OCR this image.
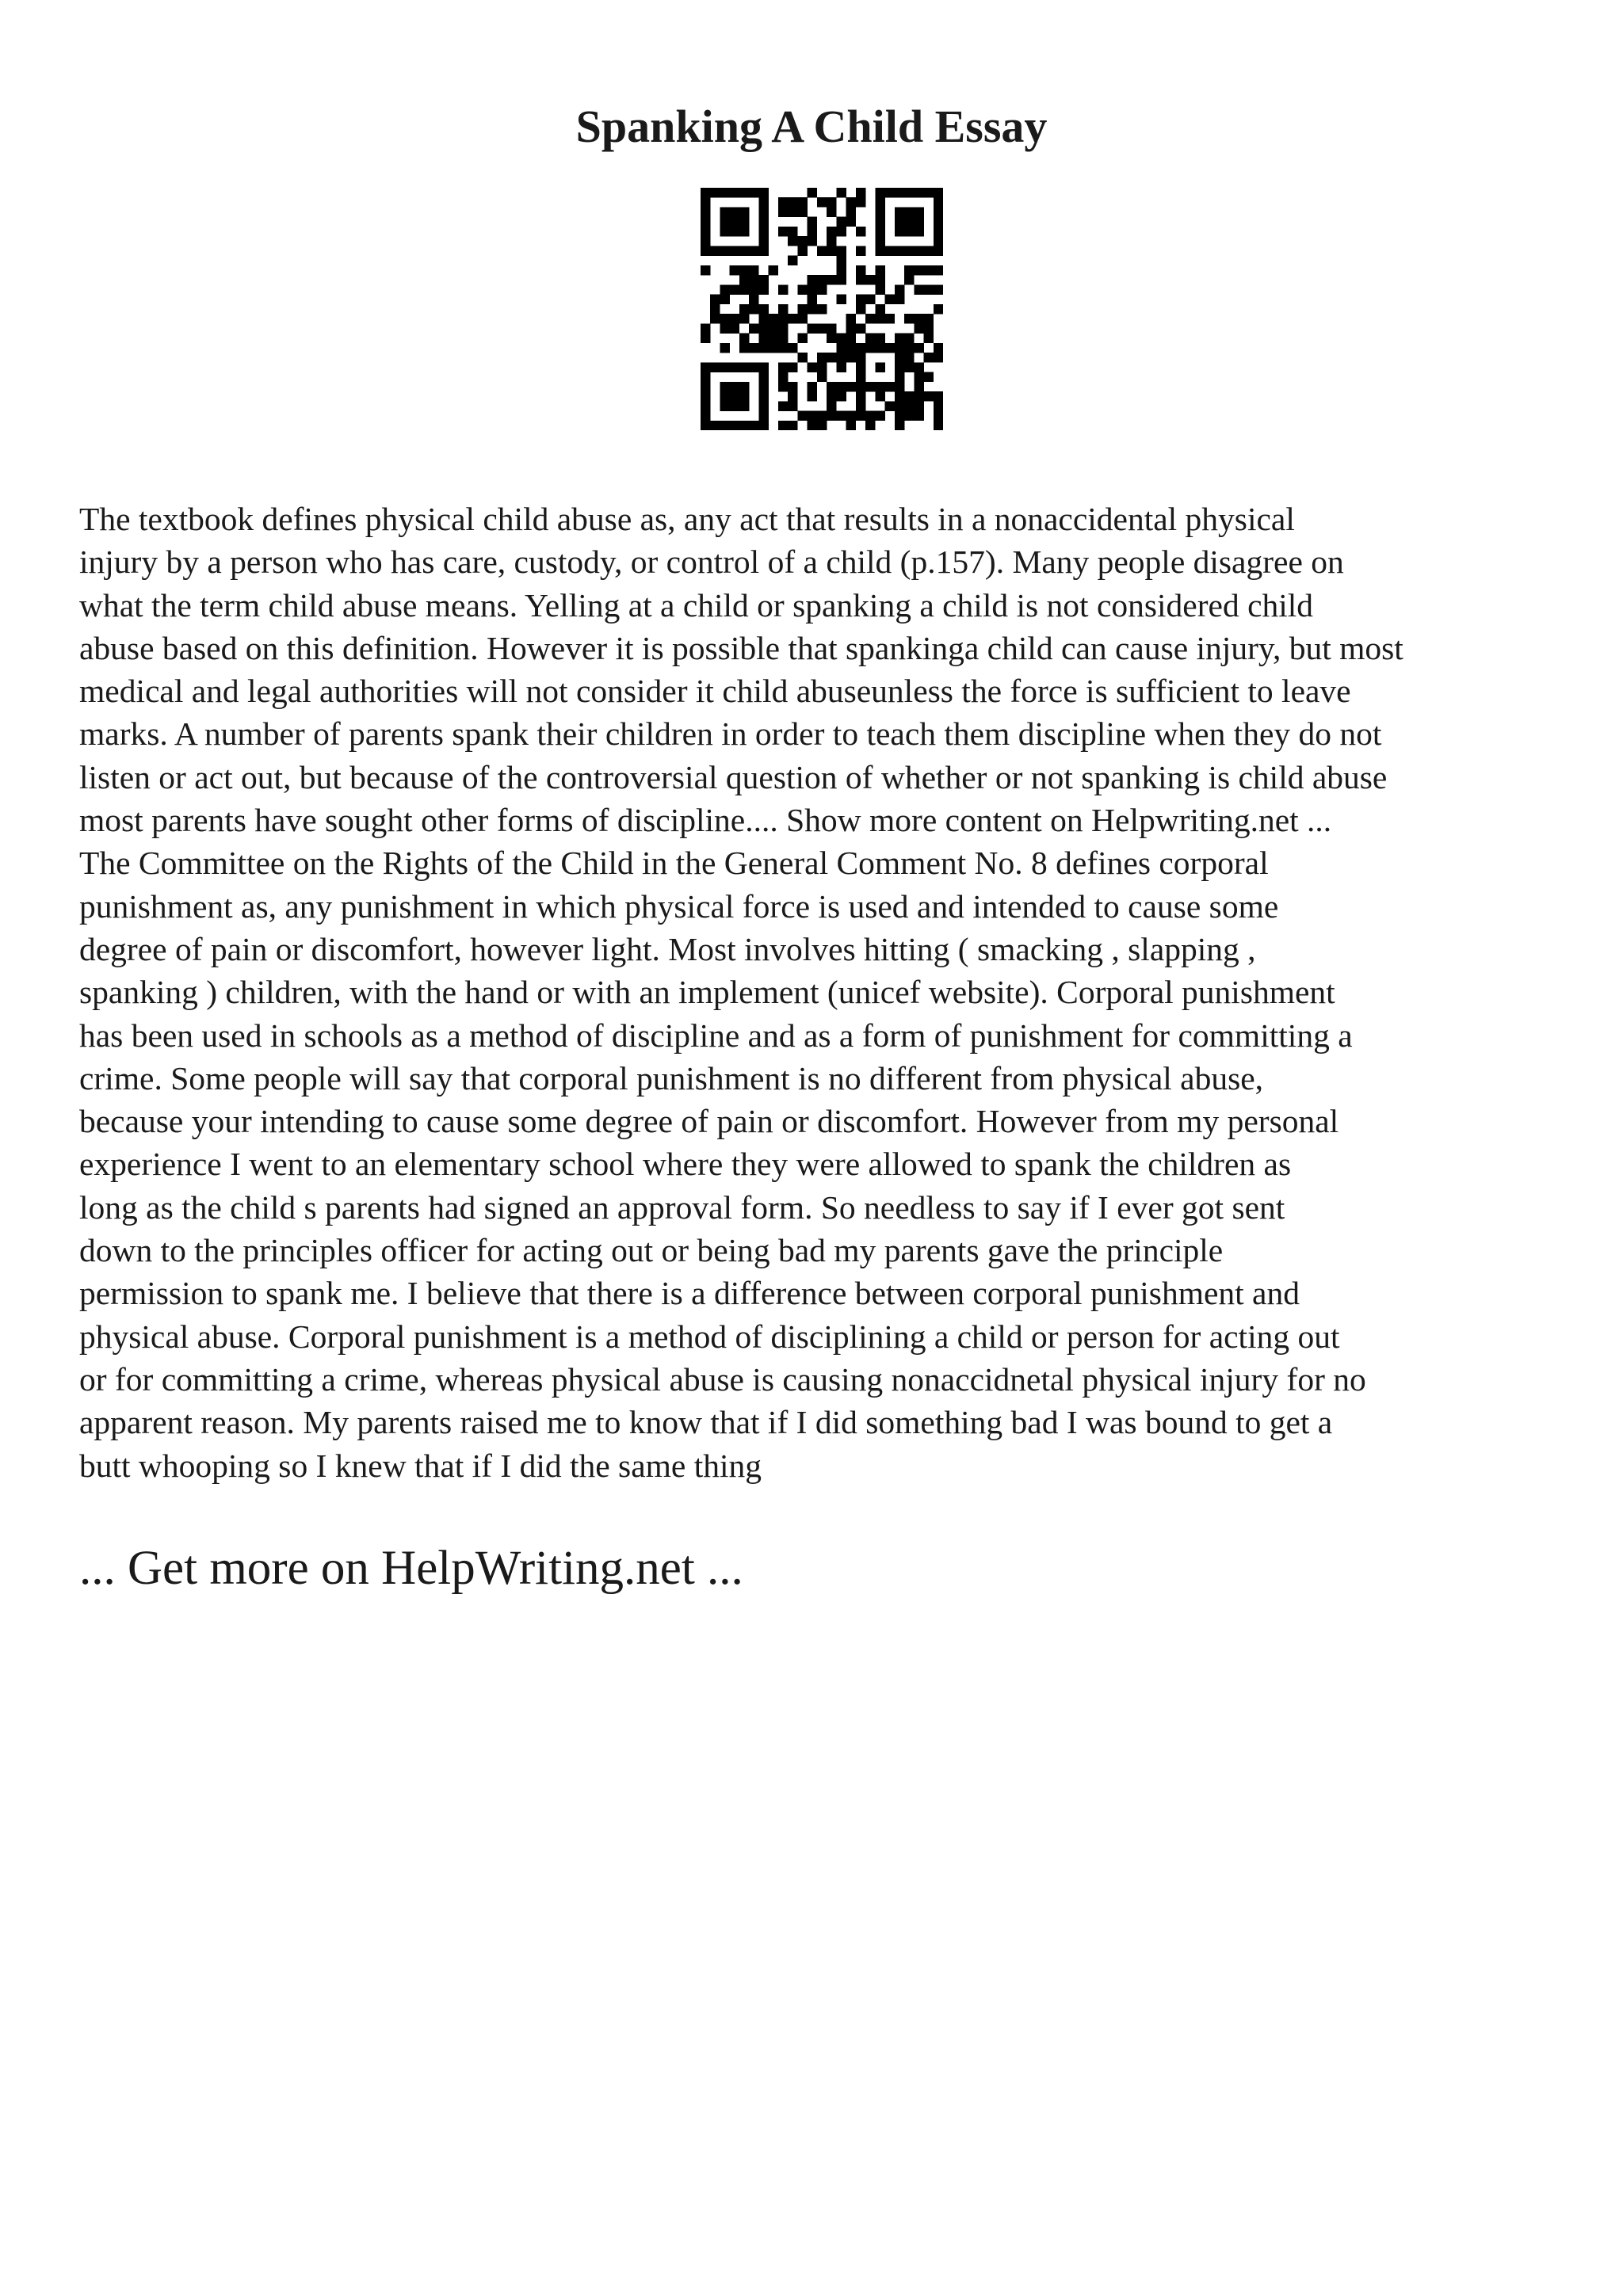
Spanking A Child Essay
The textbook defines physical child abuse as, any act that results in a nonaccidental physical
injury by a person who has care, custody, or control of a child (p.157). Many people disagree on
what the term child abuse means. Yelling at a child or spanking a child is not considered child
abuse based on this definition. However it is possible that spankinga child can cause injury, but most
medical and legal authorities will not consider it child abuseunless the force is sufficient to leave
marks. A number of parents spank their children in order to teach them discipline when they do not
listen or act out, but because of the controversial question of whether or not spanking is child abuse
most parents have sought other forms of discipline.... Show more content on Helpwriting.net ...
The Committee on the Rights of the Child in the General Comment No. 8 defines corporal
punishment as, any punishment in which physical force is used and intended to cause some
degree of pain or discomfort, however light. Most involves hitting ( smacking , slapping ,
spanking ) children, with the hand or with an implement (unicef website). Corporal punishment
has been used in schools as a method of discipline and as a form of punishment for committing a
crime. Some people will say that corporal punishment is no different from physical abuse,
because your intending to cause some degree of pain or discomfort. However from my personal
experience I went to an elementary school where they were allowed to spank the children as
long as the child s parents had signed an approval form. So needless to say if I ever got sent
down to the principles officer for acting out or being bad my parents gave the principle
permission to spank me. I believe that there is a difference between corporal punishment and
physical abuse. Corporal punishment is a method of disciplining a child or person for acting out
or for committing a crime, whereas physical abuse is causing nonaccidnetal physical injury for no
apparent reason. My parents raised me to know that if I did something bad I was bound to get a
butt whooping so I knew that if I did the same thing

... Get more on HelpWriting.net ...
